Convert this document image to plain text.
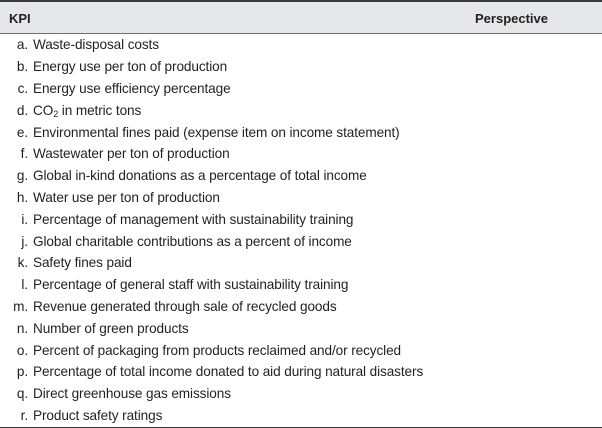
KPI	Perspective
a. Waste-disposal costs
b. Energy use per ton of production
c. Energy use efficiency percentage
d. $CO_2$ in metric tons
e. Environmental fines paid (expense item on income statement)
f. Wastewater per ton of production
g. Global in-kind donations as a percentage of total income
h. Water use per ton of production
i. Percentage of management with sustainability training
j. Global charitable contributions as a percent of income
k. Safety fines paid
l. Percentage of general staff with sustainability training
m. Revenue generated through sale of recycled goods
n. Number of green products
o. Percent of packaging from products reclaimed and/or recycled
p. Percentage of total income donated to aid during natural disasters
q. Direct greenhouse gas emissions
r. Product safety ratings
